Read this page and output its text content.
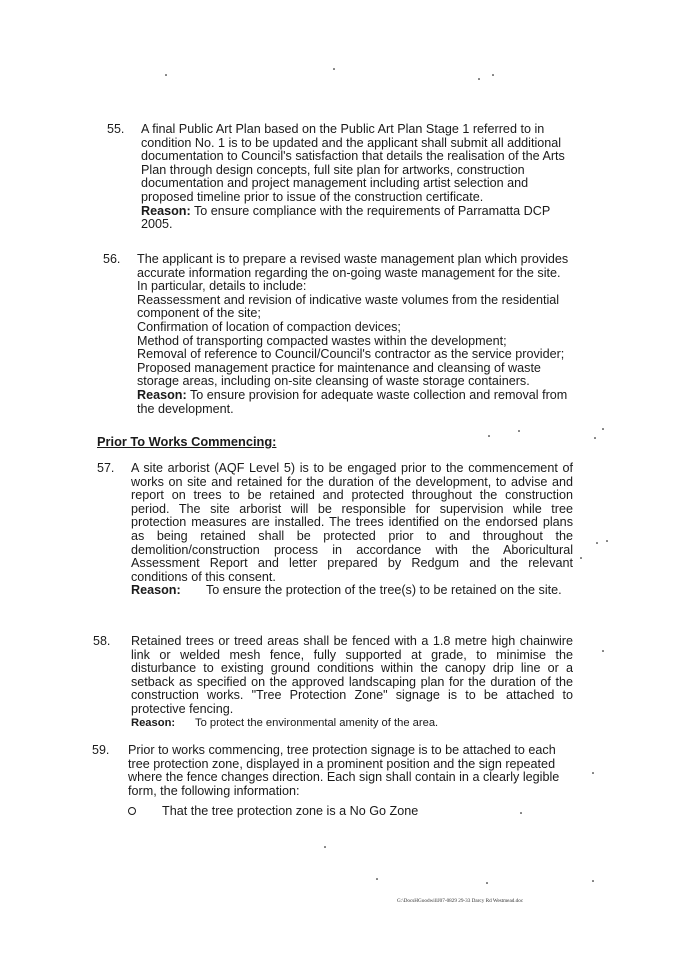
55. A final Public Art Plan based on the Public Art Plan Stage 1 referred to in
condition No. 1 is to be updated and the applicant shall submit all additional
documentation to Council's satisfaction that details the realisation of the Arts
Plan through design concepts, full site plan for artworks, construction
documentation and project management including artist selection and
proposed timeline prior to issue of the construction certificate.
Reason: To ensure compliance with the requirements of Parramatta DCP
2005.
56. The applicant is to prepare a revised waste management plan which provides
accurate information regarding the on-going waste management for the site.
In particular, details to include:
Reassessment and revision of indicative waste volumes from the residential
component of the site;
Confirmation of location of compaction devices;
Method of transporting compacted wastes within the development;
Removal of reference to Council/Council's contractor as the service provider;
Proposed management practice for maintenance and cleansing of waste
storage areas, including on-site cleansing of waste storage containers.
Reason: To ensure provision for adequate waste collection and removal from
the development.
Prior To Works Commencing:
57. A site arborist (AQF Level 5) is to be engaged prior to the commencement of
works on site and retained for the duration of the development, to advise and
report on trees to be retained and protected throughout the construction
period. The site arborist will be responsible for supervision while tree
protection measures are installed. The trees identified on the endorsed plans
as being retained shall be protected prior to and throughout the
demolition/construction process in accordance with the Aboricultural
Assessment Report and letter prepared by Redgum and the relevant
conditions of this consent.
Reason: To ensure the protection of the tree(s) to be retained on the site.
58. Retained trees or treed areas shall be fenced with a 1.8 metre high chainwire
link or welded mesh fence, fully supported at grade, to minimise the
disturbance to existing ground conditions within the canopy drip line or a
setback as specified on the approved landscaping plan for the duration of the
construction works. "Tree Protection Zone" signage is to be attached to
protective fencing.
Reason: To protect the environmental amenity of the area.
59. Prior to works commencing, tree protection signage is to be attached to each
tree protection zone, displayed in a prominent position and the sign repeated
where the fence changes direction. Each sign shall contain in a clearly legible
form, the following information:
That the tree protection zone is a No Go Zone
G:\DocsHGoodwillJ07-0829 29-33 Darcy Rd Westmead.doc
